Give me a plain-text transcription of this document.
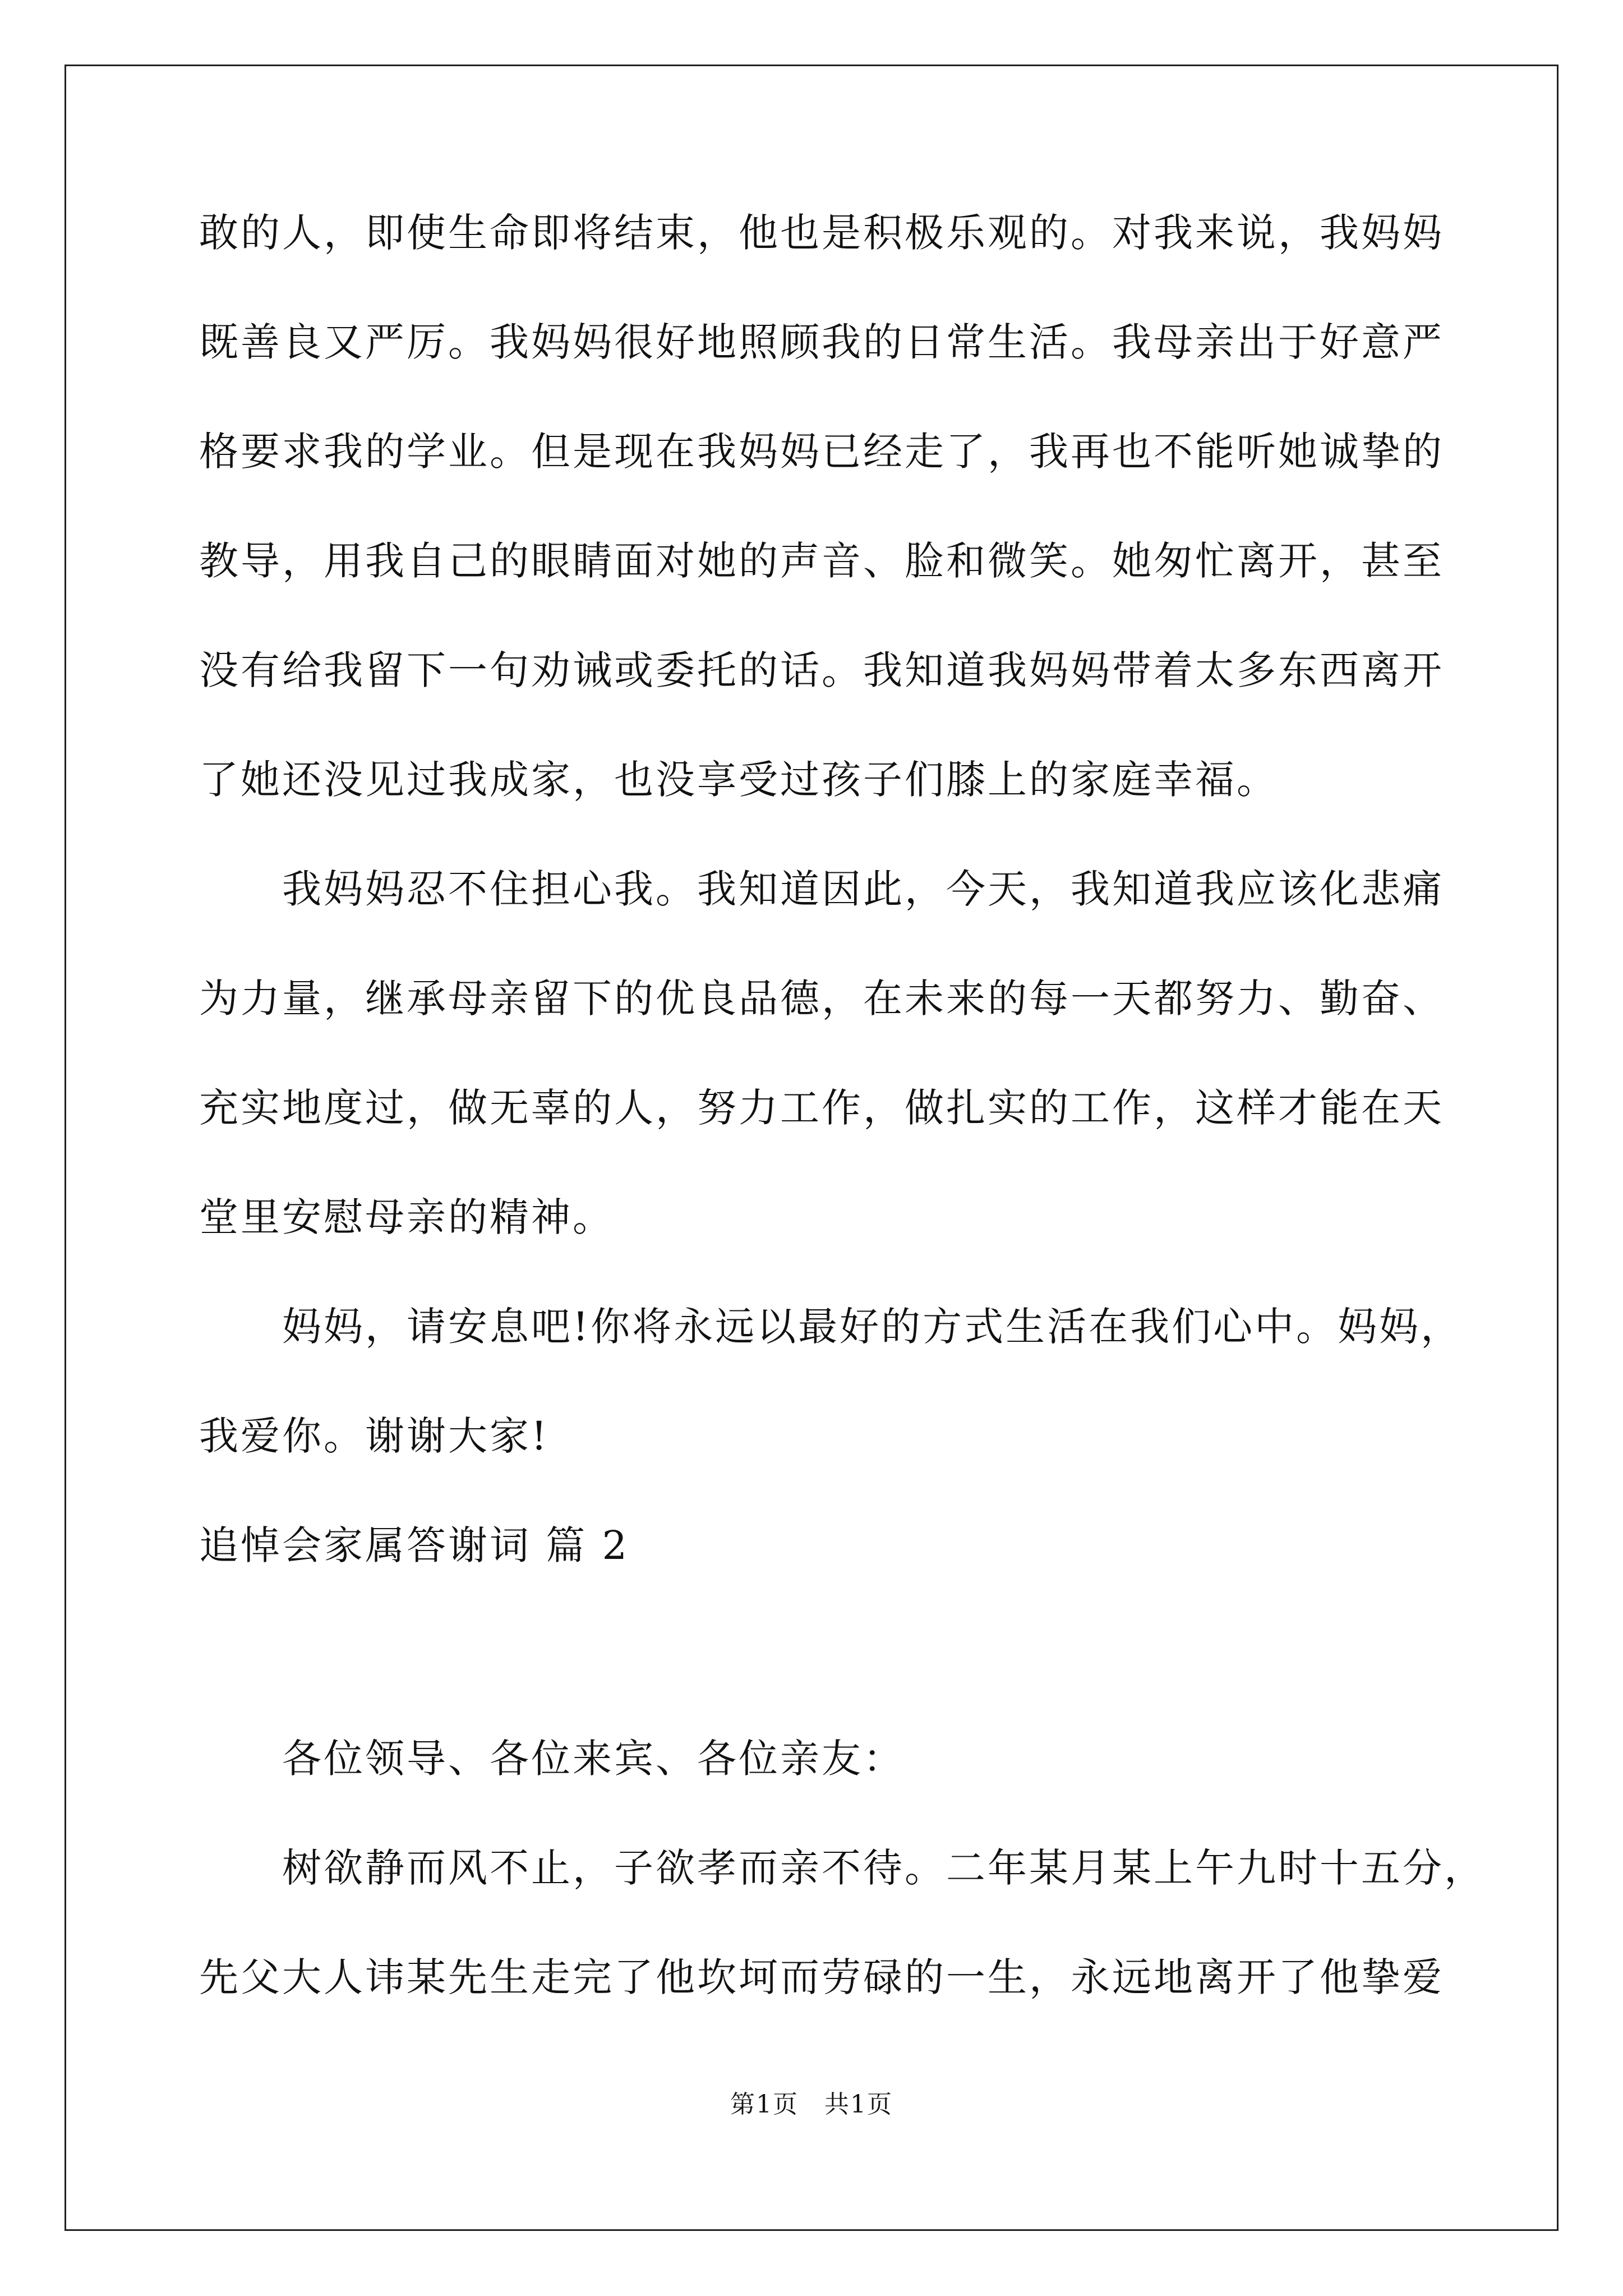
敢的人，即使生命即将结束，他也是积极乐观的。对我来说，我妈妈
既善良又严厉。我妈妈很好地照顾我的日常生活。我母亲出于好意严
格要求我的学业。但是现在我妈妈已经走了，我再也不能听她诚挚的
教导，用我自己的眼睛面对她的声音、脸和微笑。她匆忙离开，甚至
没有给我留下一句劝诫或委托的话。我知道我妈妈带着太多东西离开
了她还没见过我成家，也没享受过孩子们膝上的家庭幸福。
我妈妈忍不住担心我。我知道因此，今天，我知道我应该化悲痛
为力量，继承母亲留下的优良品德，在未来的每一天都努力、勤奋、
充实地度过，做无辜的人，努力工作，做扎实的工作，这样才能在天
堂里安慰母亲的精神。
妈妈，请安息吧!你将永远以最好的方式生活在我们心中。妈妈，
我爱你。谢谢大家!
追悼会家属答谢词 篇 2
各位领导、各位来宾、各位亲友：
树欲静而风不止，子欲孝而亲不待。二年某月某上午九时十五分，
先父大人讳某先生走完了他坎坷而劳碌的一生，永远地离开了他挚爱
第1页　共1页
